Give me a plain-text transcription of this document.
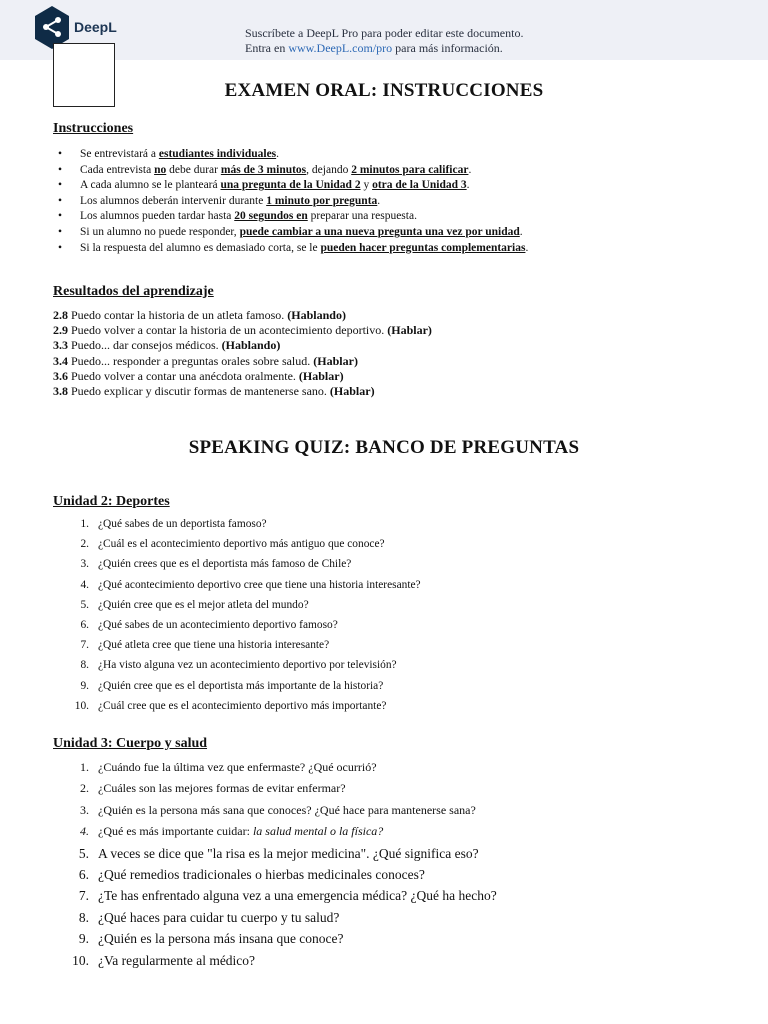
DeepL	Suscríbete a DeepL Pro para poder editar este documento.
Entra en www.DeepL.com/pro para más información.
EXAMEN ORAL: INSTRUCCIONES
Instrucciones
• Se entrevistará a estudiantes individuales.
• Cada entrevista no debe durar más de 3 minutos, dejando 2 minutos para calificar.
• A cada alumno se le planteará una pregunta de la Unidad 2 y otra de la Unidad 3.
• Los alumnos deberán intervenir durante 1 minuto por pregunta.
• Los alumnos pueden tardar hasta 20 segundos en preparar una respuesta.
• Si un alumno no puede responder, puede cambiar a una nueva pregunta una vez por unidad.
• Si la respuesta del alumno es demasiado corta, se le pueden hacer preguntas complementarias.
Resultados del aprendizaje
2.8 Puedo contar la historia de un atleta famoso. (Hablando)
2.9 Puedo volver a contar la historia de un acontecimiento deportivo. (Hablar)
3.3 Puedo... dar consejos médicos. (Hablando)
3.4 Puedo... responder a preguntas orales sobre salud. (Hablar)
3.6 Puedo volver a contar una anécdota oralmente. (Hablar)
3.8 Puedo explicar y discutir formas de mantenerse sano. (Hablar)
SPEAKING QUIZ: BANCO DE PREGUNTAS
Unidad 2: Deportes
1. ¿Qué sabes de un deportista famoso?
2. ¿Cuál es el acontecimiento deportivo más antiguo que conoce?
3. ¿Quién crees que es el deportista más famoso de Chile?
4. ¿Qué acontecimiento deportivo cree que tiene una historia interesante?
5. ¿Quién cree que es el mejor atleta del mundo?
6. ¿Qué sabes de un acontecimiento deportivo famoso?
7. ¿Qué atleta cree que tiene una historia interesante?
8. ¿Ha visto alguna vez un acontecimiento deportivo por televisión?
9. ¿Quién cree que es el deportista más importante de la historia?
10. ¿Cuál cree que es el acontecimiento deportivo más importante?
Unidad 3: Cuerpo y salud
1. ¿Cuándo fue la última vez que enfermaste? ¿Qué ocurrió?
2. ¿Cuáles son las mejores formas de evitar enfermar?
3. ¿Quién es la persona más sana que conoces? ¿Qué hace para mantenerse sana?
4. ¿Qué es más importante cuidar: la salud mental o la física?
5. A veces se dice que "la risa es la mejor medicina". ¿Qué significa eso?
6. ¿Qué remedios tradicionales o hierbas medicinales conoces?
7. ¿Te has enfrentado alguna vez a una emergencia médica? ¿Qué ha hecho?
8. ¿Qué haces para cuidar tu cuerpo y tu salud?
9. ¿Quién es la persona más insana que conoce?
10. ¿Va regularmente al médico?
